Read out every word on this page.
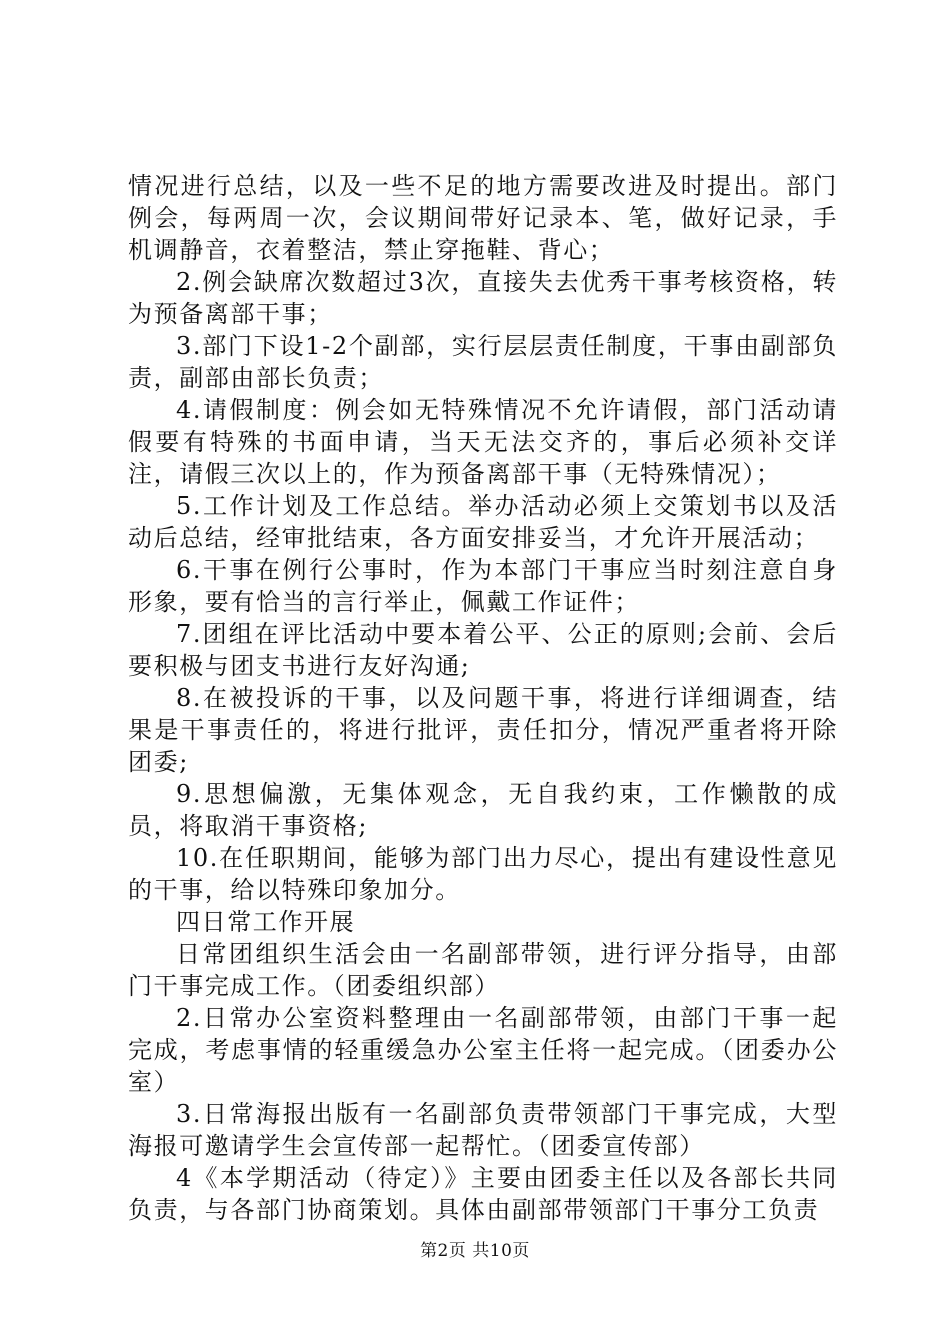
情况进行总结，以及一些不足的地方需要改进及时提出。部门例会，每两周一次，会议期间带好记录本、笔，做好记录，手机调静音，衣着整洁，禁止穿拖鞋、背心；

2.例会缺席次数超过3次，直接失去优秀干事考核资格，转为预备离部干事；

3.部门下设1-2个副部，实行层层责任制度，干事由副部负责，副部由部长负责；

4.请假制度：例会如无特殊情况不允许请假，部门活动请假要有特殊的书面申请，当天无法交齐的，事后必须补交详注，请假三次以上的，作为预备离部干事（无特殊情况）；

5.工作计划及工作总结。举办活动必须上交策划书以及活动后总结，经审批结束，各方面安排妥当，才允许开展活动；

6.干事在例行公事时，作为本部门干事应当时刻注意自身形象，要有恰当的言行举止，佩戴工作证件；

7.团组在评比活动中要本着公平、公正的原则;会前、会后要积极与团支书进行友好沟通;

8.在被投诉的干事，以及问题干事，将进行详细调查，结果是干事责任的，将进行批评，责任扣分，情况严重者将开除团委;

9.思想偏激，无集体观念，无自我约束，工作懒散的成员，将取消干事资格;

10.在任职期间，能够为部门出力尽心，提出有建设性意见的干事，给以特殊印象加分。

四日常工作开展

日常团组织生活会由一名副部带领，进行评分指导，由部门干事完成工作。（团委组织部）

2.日常办公室资料整理由一名副部带领，由部门干事一起完成，考虑事情的轻重缓急办公室主任将一起完成。（团委办公室）

3.日常海报出版有一名副部负责带领部门干事完成，大型海报可邀请学生会宣传部一起帮忙。（团委宣传部）

4《本学期活动（待定）》主要由团委主任以及各部长共同负责，与各部门协商策划。具体由副部带领部门干事分工负责

第2页 共10页
